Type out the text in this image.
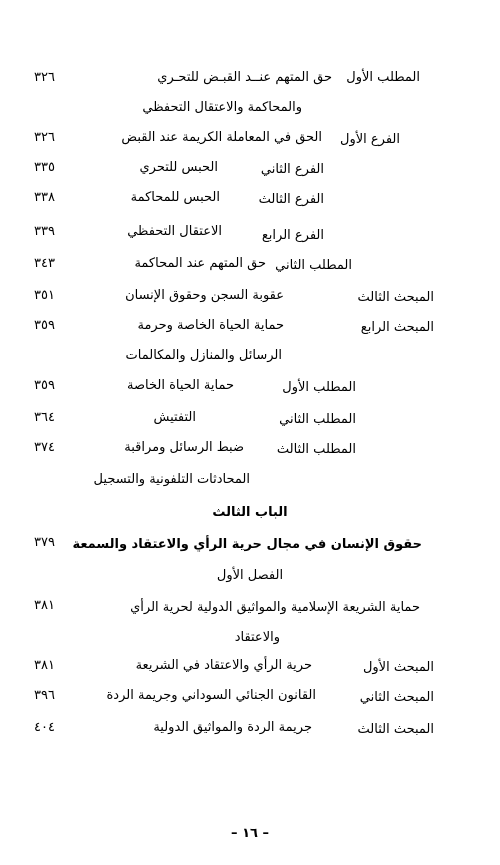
المطلب الأول
حق المتهم عنــد القبـض للتحـري
٣٢٦
والمحاكمة والاعتقال التحفظي
الفرع الأول
الحق في المعاملة الكريمة عند القبض
٣٢٦
الفرع الثاني
الحبس للتحري
٣٣٥
الفرع الثالث
الحبس للمحاكمة
٣٣٨
الفرع الرابع
الاعتقال التحفظي
٣٣٩
المطلب الثاني
حق المتهم عند المحاكمة
٣٤٣
المبحث الثالث
عقوبة السجن وحقوق الإنسان
٣٥١
المبحث الرابع
حماية الحياة الخاصة وحرمة
٣٥٩
الرسائل والمنازل والمكالمات
المطلب الأول
حماية الحياة الخاصة
٣٥٩
المطلب الثاني
التفتيش
٣٦٤
المطلب الثالث
ضبط الرسائل ومراقبة
٣٧٤
المحادثات التلفونية والتسجيل
الباب الثالث
حقوق الإنسان في مجال حرية الرأي والاعتقاد والسمعة
٣٧٩
الفصل الأول
حماية الشريعة الإسلامية والمواثيق الدولية لحرية الرأي
٣٨١
والاعتقاد
المبحث الأول
حرية الرأي والاعتقاد في الشريعة
٣٨١
المبحث الثاني
القانون الجنائي السوداني وجريمة الردة
٣٩٦
المبحث الثالث
جريمة الردة والمواثيق الدولية
٤٠٤
– ١٦ –
